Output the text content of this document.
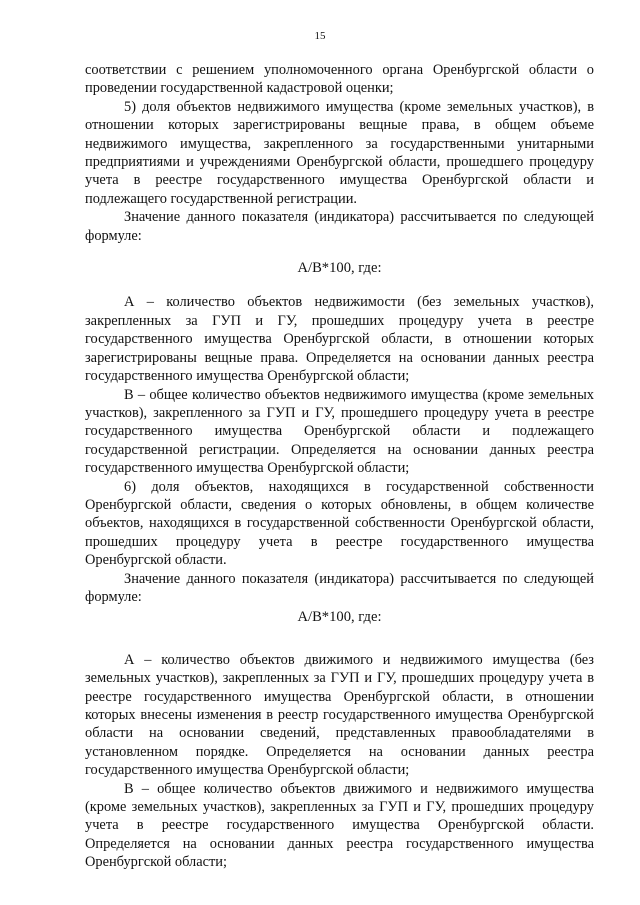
15

соответствии с решением уполномоченного органа Оренбургской области о проведении государственной кадастровой оценки;

5) доля объектов недвижимого имущества (кроме земельных участков), в отношении которых зарегистрированы вещные права, в общем объеме недвижимого имущества, закрепленного за государственными унитарными предприятиями и учреждениями Оренбургской области, прошедшего процедуру учета в реестре государственного имущества Оренбургской области и подлежащего государственной регистрации.

Значение данного показателя (индикатора) рассчитывается по следующей формуле:

А/В*100, где:

А – количество объектов недвижимости (без земельных участков), закрепленных за ГУП и ГУ, прошедших процедуру учета в реестре государственного имущества Оренбургской области, в отношении которых зарегистрированы вещные права. Определяется на основании данных реестра государственного имущества Оренбургской области;

В – общее количество объектов недвижимого имущества (кроме земельных участков), закрепленного за ГУП и ГУ, прошедшего процедуру учета в реестре государственного имущества Оренбургской области и подлежащего государственной регистрации. Определяется на основании данных реестра государственного имущества Оренбургской области;

6) доля объектов, находящихся в государственной собственности Оренбургской области, сведения о которых обновлены, в общем количестве объектов, находящихся в государственной собственности Оренбургской области, прошедших процедуру учета в реестре государственного имущества Оренбургской области.

Значение данного показателя (индикатора) рассчитывается по следующей формуле:

А/В*100, где:

А – количество объектов движимого и недвижимого имущества (без земельных участков), закрепленных за ГУП и ГУ, прошедших процедуру учета в реестре государственного имущества Оренбургской области, в отношении которых внесены изменения в реестр государственного имущества Оренбургской области на основании сведений, представленных правообладателями в установленном порядке. Определяется на основании данных реестра государственного имущества Оренбургской области;

В – общее количество объектов движимого и недвижимого имущества (кроме земельных участков), закрепленных за ГУП и ГУ, прошедших процедуру учета в реестре государственного имущества Оренбургской области. Определяется на основании данных реестра государственного имущества Оренбургской области;
